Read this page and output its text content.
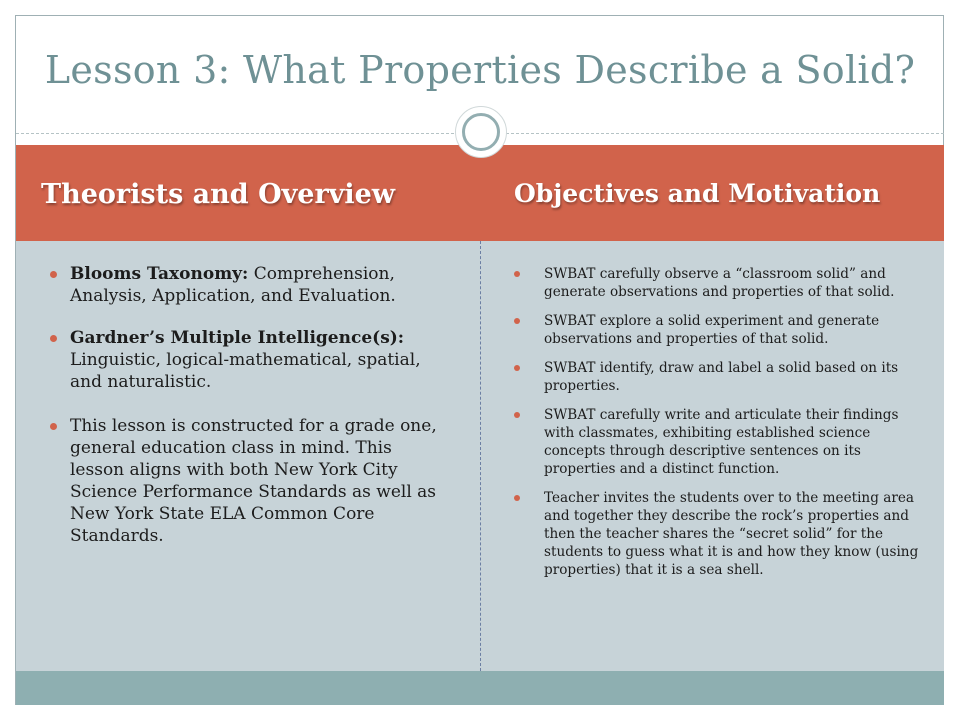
Lesson 3: What Properties Describe a Solid?
Theorists and Overview	Objectives and Motivation
Blooms Taxonomy: Comprehension, Analysis, Application, and Evaluation.
Gardner’s Multiple Intelligence(s): Linguistic, logical-mathematical, spatial, and naturalistic.
This lesson is constructed for a grade one, general education class in mind. This lesson aligns with both New York City Science Performance Standards as well as New York State ELA Common Core Standards.
SWBAT carefully observe a “classroom solid” and generate observations and properties of that solid.
SWBAT explore a solid experiment and generate observations and properties of that solid.
SWBAT identify, draw and label a solid based on its properties.
SWBAT carefully write and articulate their findings with classmates, exhibiting established science concepts through descriptive sentences on its properties and a distinct function.
Teacher invites the students over to the meeting area and together they describe the rock’s properties and then the teacher shares the “secret solid” for the students to guess what it is and how they know (using properties) that it is a sea shell.
